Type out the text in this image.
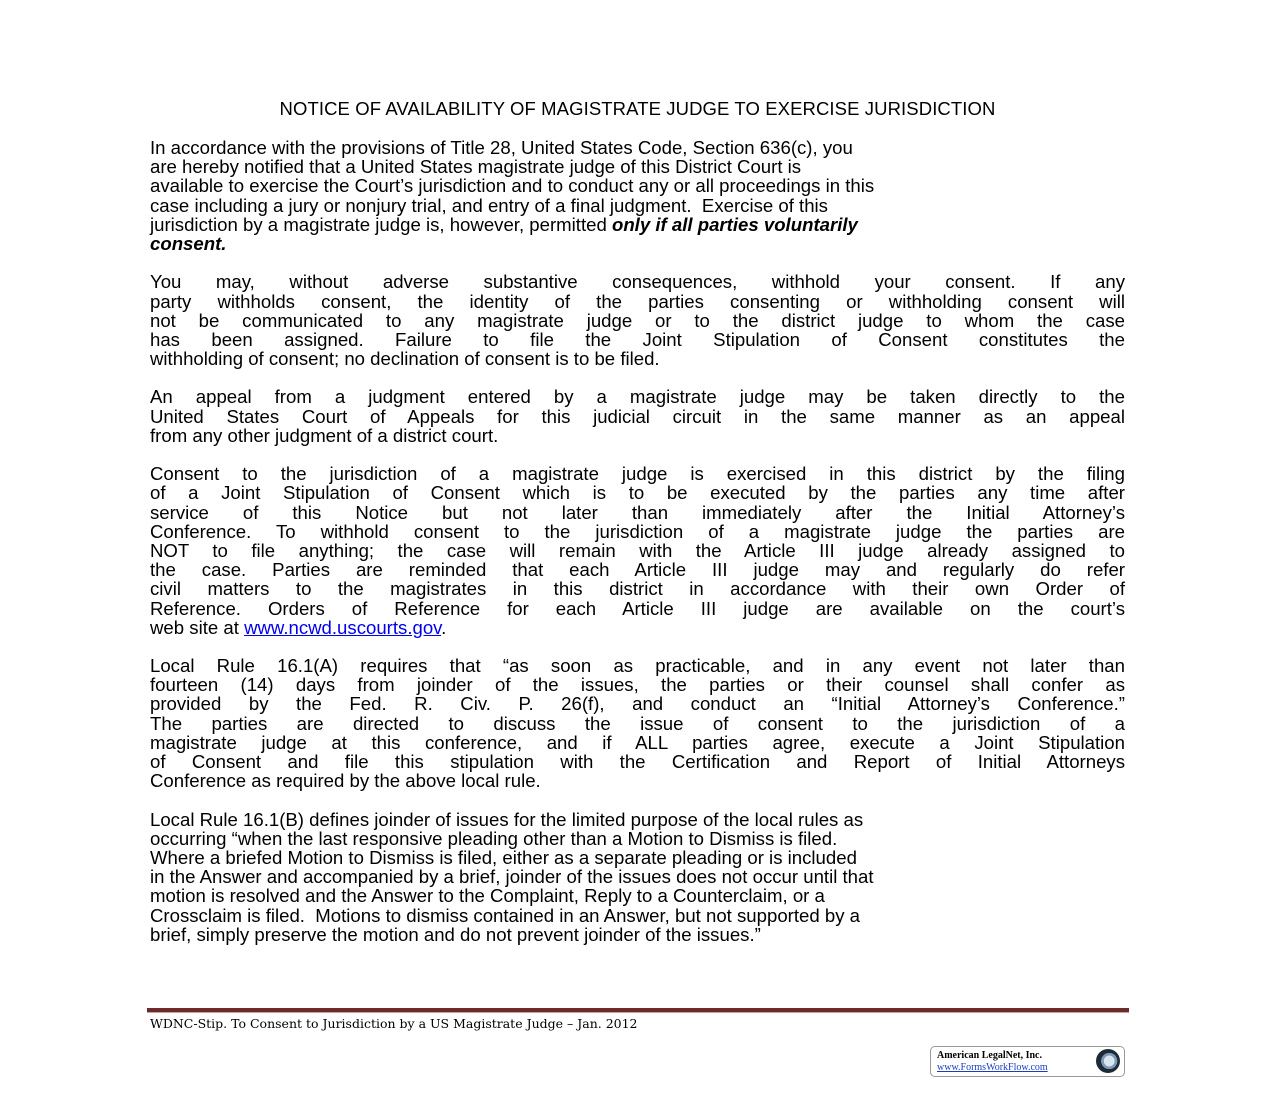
NOTICE OF AVAILABILITY OF MAGISTRATE JUDGE TO EXERCISE JURISDICTION
In accordance with the provisions of Title 28, United States Code, Section 636(c), you
are hereby notified that a United States magistrate judge of this District Court is
available to exercise the Court’s jurisdiction and to conduct any or all proceedings in this
case including a jury or nonjury trial, and entry of a final judgment.  Exercise of this
jurisdiction by a magistrate judge is, however, permitted only if all parties voluntarily
consent.
You may, without adverse substantive consequences, withhold your consent. If any
party withholds consent, the identity of the parties consenting or withholding consent will
not be communicated to any magistrate judge or to the district judge to whom the case
has been assigned. Failure to file the Joint Stipulation of Consent constitutes the
withholding of consent; no declination of consent is to be filed.
An appeal from a judgment entered by a magistrate judge may be taken directly to the
United States Court of Appeals for this judicial circuit in the same manner as an appeal
from any other judgment of a district court.
Consent to the jurisdiction of a magistrate judge is exercised in this district by the filing
of a Joint Stipulation of Consent which is to be executed by the parties any time after
service of this Notice but not later than immediately after the Initial Attorney’s
Conference. To withhold consent to the jurisdiction of a magistrate judge the parties are
NOT to file anything; the case will remain with the Article III judge already assigned to
the case. Parties are reminded that each Article III judge may and regularly do refer
civil matters to the magistrates in this district in accordance with their own Order of
Reference. Orders of Reference for each Article III judge are available on the court’s
web site at www.ncwd.uscourts.gov.
Local Rule 16.1(A) requires that “as soon as practicable, and in any event not later than
fourteen (14) days from joinder of the issues, the parties or their counsel shall confer as
provided by the Fed. R. Civ. P. 26(f), and conduct an “Initial Attorney’s Conference.”
The parties are directed to discuss the issue of consent to the jurisdiction of a
magistrate judge at this conference, and if ALL parties agree, execute a Joint Stipulation
of Consent and file this stipulation with the Certification and Report of Initial Attorneys
Conference as required by the above local rule.
Local Rule 16.1(B) defines joinder of issues for the limited purpose of the local rules as
occurring “when the last responsive pleading other than a Motion to Dismiss is filed.
Where a briefed Motion to Dismiss is filed, either as a separate pleading or is included
in the Answer and accompanied by a brief, joinder of the issues does not occur until that
motion is resolved and the Answer to the Complaint, Reply to a Counterclaim, or a
Crossclaim is filed.  Motions to dismiss contained in an Answer, but not supported by a
brief, simply preserve the motion and do not prevent joinder of the issues.”
WDNC-Stip. To Consent to Jurisdiction by a US Magistrate Judge – Jan. 2012
American LegalNet, Inc.
www.FormsWorkFlow.com
